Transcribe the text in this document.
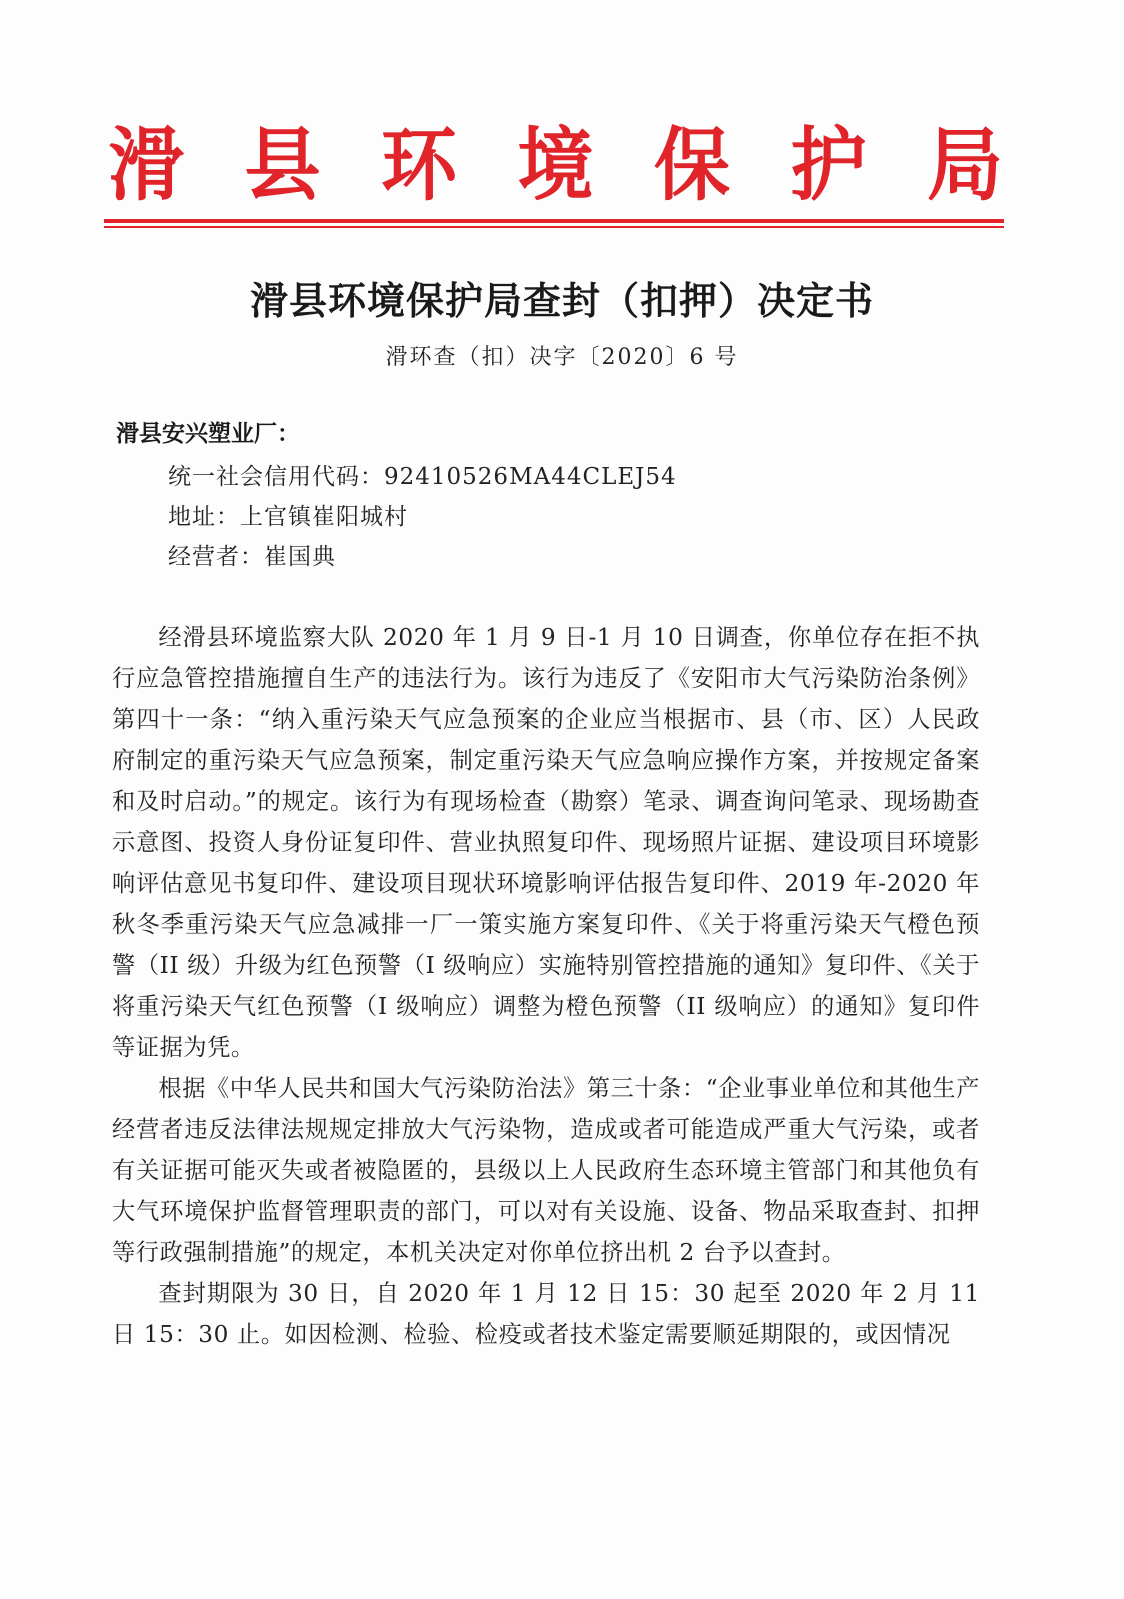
滑 县 环 境 保 护 局
滑县环境保护局查封（扣押）决定书
滑环查（扣）决字〔2020〕6 号
滑县安兴塑业厂：
统一社会信用代码：92410526MA44CLEJ54
地址：上官镇崔阳城村
经营者：崔国典

经滑县环境监察大队 2020 年 1 月 9 日-1 月 10 日调查，你单位存在拒不执行应急管控措施擅自生产的违法行为。该行为违反了《安阳市大气污染防治条例》第四十一条：“纳入重污染天气应急预案的企业应当根据市、县（市、区）人民政府制定的重污染天气应急预案，制定重污染天气应急响应操作方案，并按规定备案和及时启动。”的规定。该行为有现场检查（勘察）笔录、调查询问笔录、现场勘查示意图、投资人身份证复印件、营业执照复印件、现场照片证据、建设项目环境影响评估意见书复印件、建设项目现状环境影响评估报告复印件、2019 年-2020 年秋冬季重污染天气应急减排一厂一策实施方案复印件、《关于将重污染天气橙色预警（II 级）升级为红色预警（I 级响应）实施特别管控措施的通知》复印件、《关于将重污染天气红色预警（I 级响应）调整为橙色预警（II 级响应）的通知》复印件等证据为凭。

根据《中华人民共和国大气污染防治法》第三十条：“企业事业单位和其他生产经营者违反法律法规规定排放大气污染物，造成或者可能造成严重大气污染，或者有关证据可能灭失或者被隐匿的，县级以上人民政府生态环境主管部门和其他负有大气环境保护监督管理职责的部门，可以对有关设施、设备、物品采取查封、扣押等行政强制措施”的规定，本机关决定对你单位挤出机 2 台予以查封。

查封期限为 30 日，自 2020 年 1 月 12 日 15：30 起至 2020 年 2 月 11 日 15：30 止。如因检测、检验、检疫或者技术鉴定需要顺延期限的，或因情况
